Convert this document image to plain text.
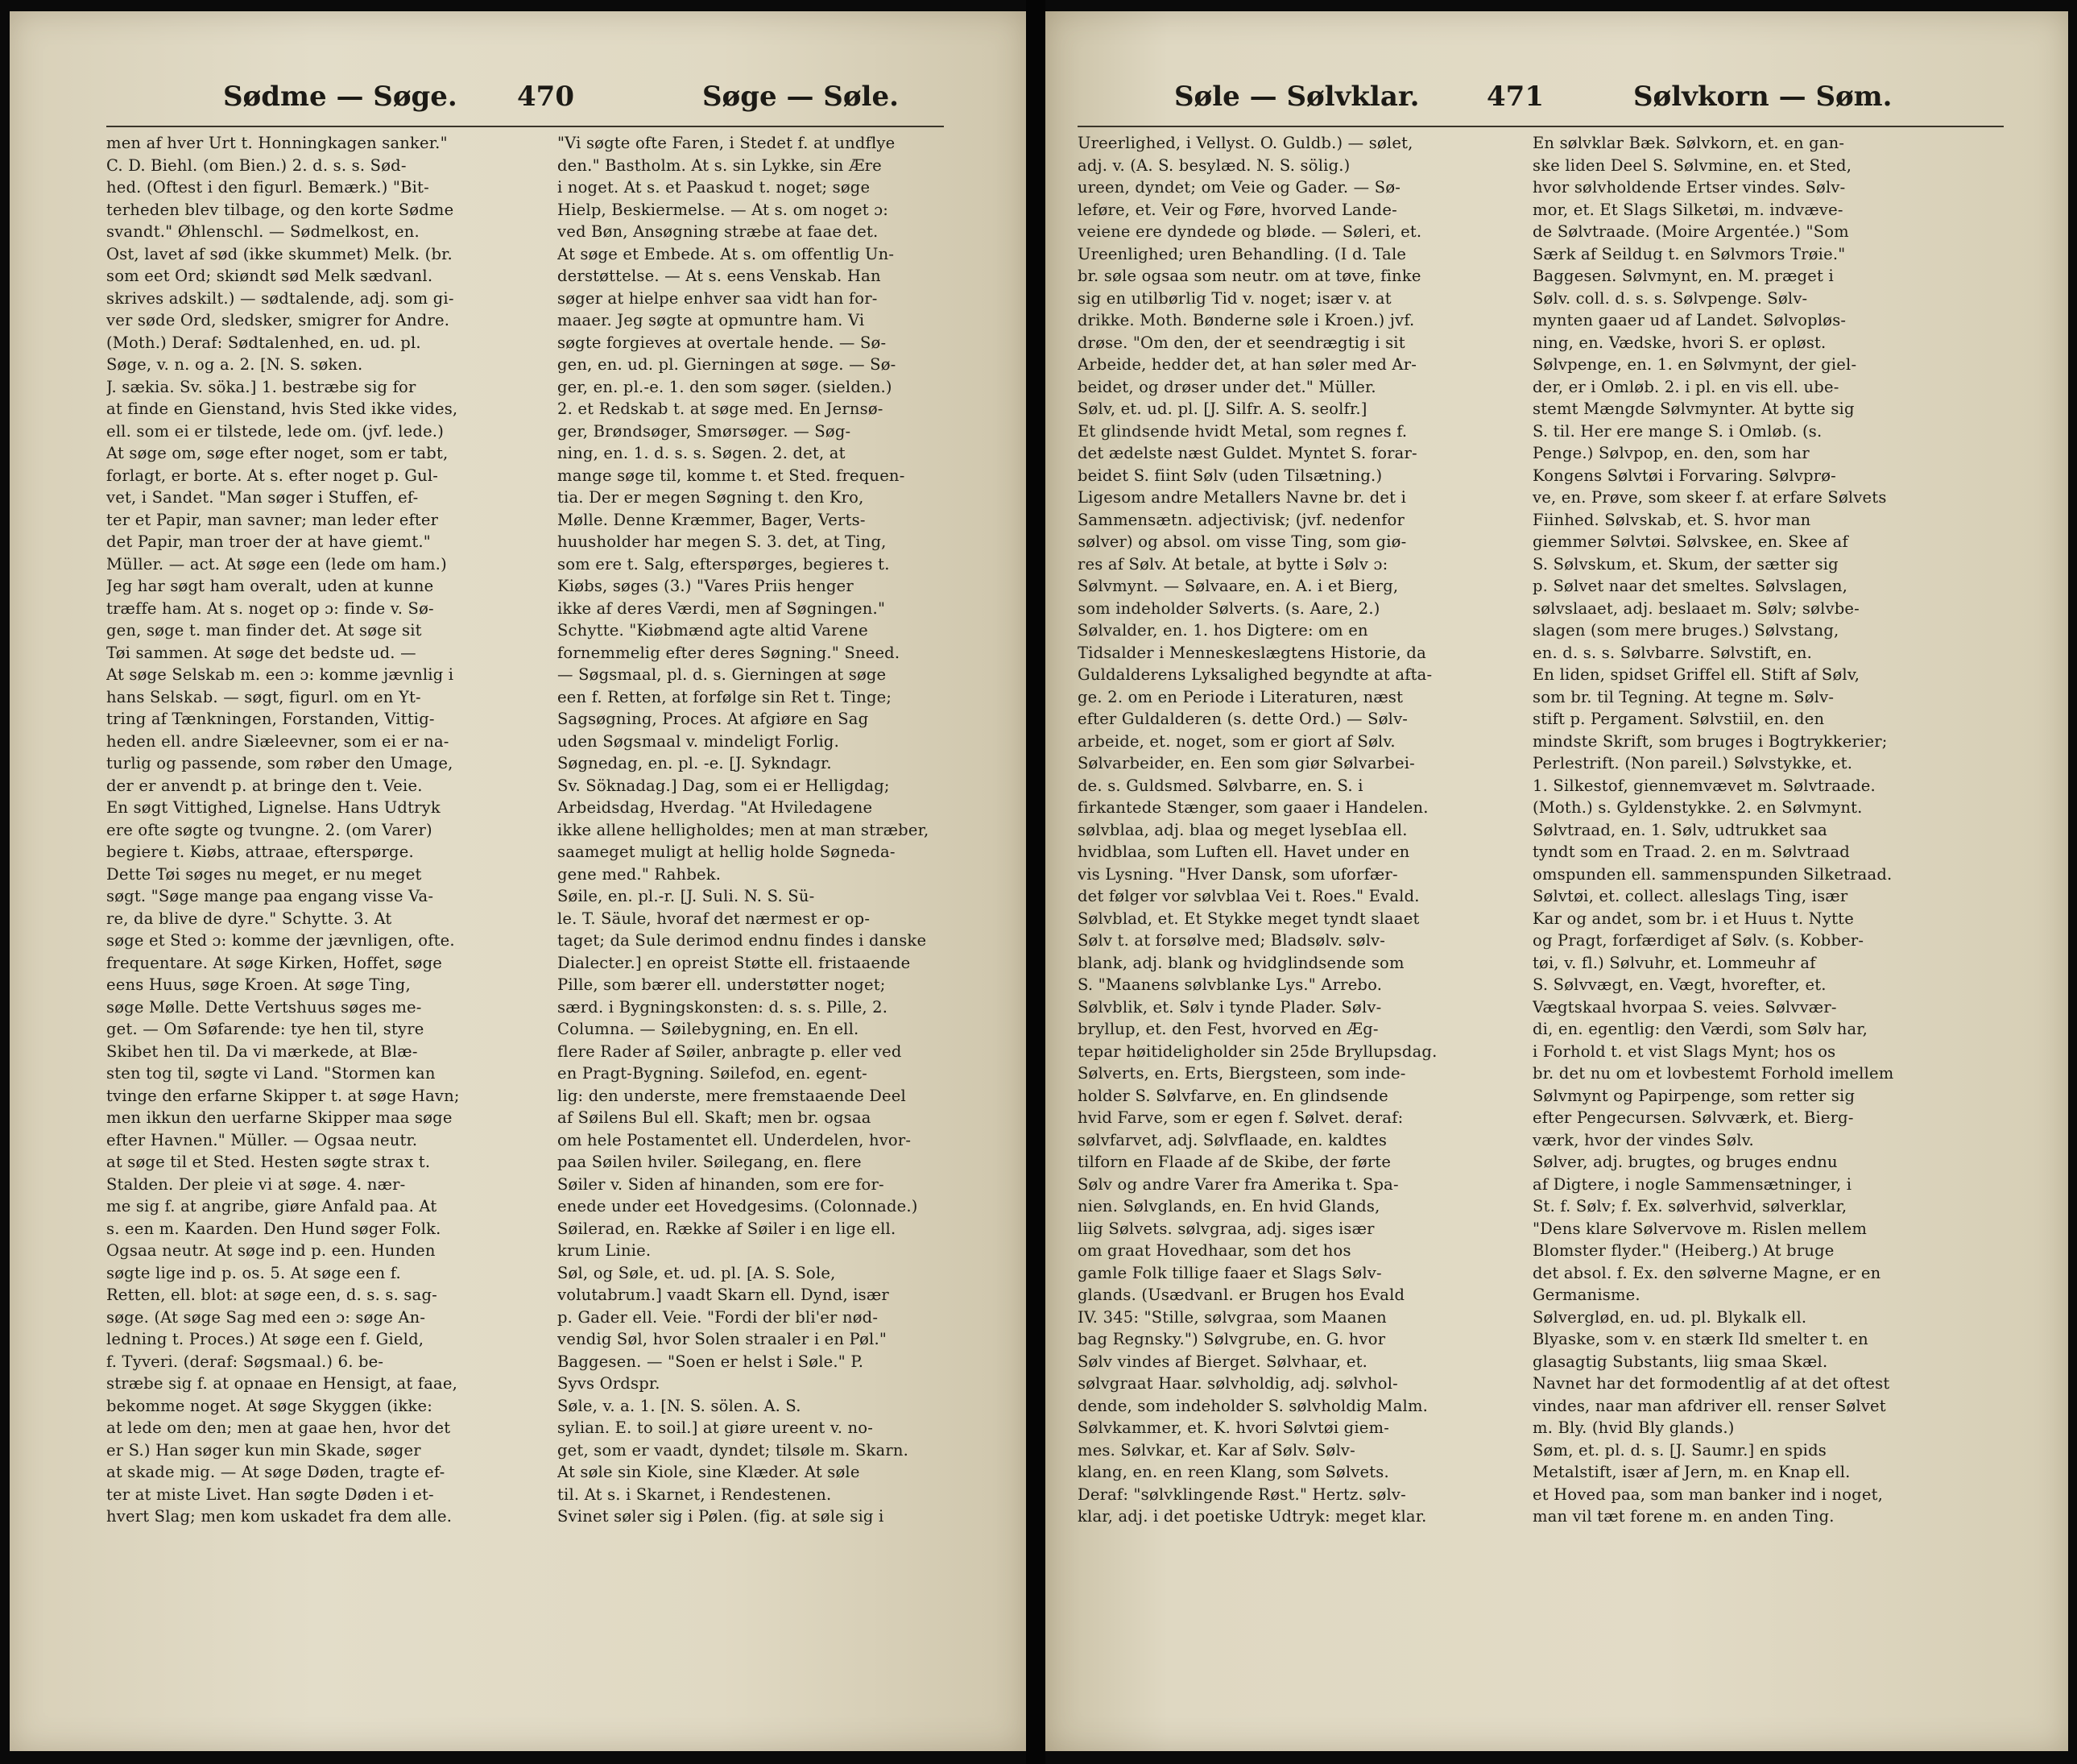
Sødme — Søge. 470	Søge — Søle.
men af hver Urt t. Honningkagen sanker."
C. D. Biehl. (om Bien.) 2. d. s. s. Sød-
hed. (Oftest i den figurl. Bemærk.) "Bit-
terheden blev tilbage, og den korte Sødme
svandt." Øhlenschl. — Sødmelkost, en.
Ost, lavet af sød (ikke skummet) Melk. (br.
som eet Ord; skiøndt sød Melk sædvanl.
skrives adskilt.) — sødtalende, adj. som gi-
ver søde Ord, sledsker, smigrer for Andre.
(Moth.) Deraf: Sødtalenhed, en. ud. pl.
Søge, v. n. og a. 2. [N. S. søken.
J. sækia. Sv. söka.] 1. bestræbe sig for
at finde en Gienstand, hvis Sted ikke vides,
ell. som ei er tilstede, lede om. (jvf. lede.)
At søge om, søge efter noget, som er tabt,
forlagt, er borte. At s. efter noget p. Gul-
vet, i Sandet. "Man søger i Stuffen, ef-
ter et Papir, man savner; man leder efter
det Papir, man troer der at have giemt."
Müller. — act. At søge een (lede om ham.)
Jeg har søgt ham overalt, uden at kunne
træffe ham. At s. noget op ɔ: finde v. Sø-
gen, søge t. man finder det. At søge sit
Tøi sammen. At søge det bedste ud. —
At søge Selskab m. een ɔ: komme jævnlig i
hans Selskab. — søgt, figurl. om en Yt-
tring af Tænkningen, Forstanden, Vittig-
heden ell. andre Siæleevner, som ei er na-
turlig og passende, som røber den Umage,
der er anvendt p. at bringe den t. Veie.
En søgt Vittighed, Lignelse. Hans Udtryk
ere ofte søgte og tvungne. 2. (om Varer)
begiere t. Kiøbs, attraae, efterspørge.
Dette Tøi søges nu meget, er nu meget
søgt. "Søge mange paa engang visse Va-
re, da blive de dyre." Schytte. 3. At
søge et Sted ɔ: komme der jævnligen, ofte.
frequentare. At søge Kirken, Hoffet, søge
eens Huus, søge Kroen. At søge Ting,
søge Mølle. Dette Vertshuus søges me-
get. — Om Søfarende: tye hen til, styre
Skibet hen til. Da vi mærkede, at Blæ-
sten tog til, søgte vi Land. "Stormen kan
tvinge den erfarne Skipper t. at søge Havn;
men ikkun den uerfarne Skipper maa søge
efter Havnen." Müller. — Ogsaa neutr.
at søge til et Sted. Hesten søgte strax t.
Stalden. Der pleie vi at søge. 4. nær-
me sig f. at angribe, giøre Anfald paa. At
s. een m. Kaarden. Den Hund søger Folk.
Ogsaa neutr. At søge ind p. een. Hunden
søgte lige ind p. os. 5. At søge een f.
Retten, ell. blot: at søge een, d. s. s. sag-
søge. (At søge Sag med een ɔ: søge An-
ledning t. Proces.) At søge een f. Gield,
f. Tyveri. (deraf: Søgsmaal.) 6. be-
stræbe sig f. at opnaae en Hensigt, at faae,
bekomme noget. At søge Skyggen (ikke:
at lede om den; men at gaae hen, hvor det
er S.) Han søger kun min Skade, søger
at skade mig. — At søge Døden, tragte ef-
ter at miste Livet. Han søgte Døden i et-
hvert Slag; men kom uskadet fra dem alle.
"Vi søgte ofte Faren, i Stedet f. at undflye
den." Bastholm. At s. sin Lykke, sin Ære
i noget. At s. et Paaskud t. noget; søge
Hielp, Beskiermelse. — At s. om noget ɔ:
ved Bøn, Ansøgning stræbe at faae det.
At søge et Embede. At s. om offentlig Un-
derstøttelse. — At s. eens Venskab. Han
søger at hielpe enhver saa vidt han for-
maaer. Jeg søgte at opmuntre ham. Vi
søgte forgieves at overtale hende. — Sø-
gen, en. ud. pl. Gierningen at søge. — Sø-
ger, en. pl.-e. 1. den som søger. (sielden.)
2. et Redskab t. at søge med. En Jernsø-
ger, Brøndsøger, Smørsøger. — Søg-
ning, en. 1. d. s. s. Søgen. 2. det, at
mange søge til, komme t. et Sted. frequen-
tia. Der er megen Søgning t. den Kro,
Mølle. Denne Kræmmer, Bager, Verts-
huusholder har megen S. 3. det, at Ting,
som ere t. Salg, efterspørges, begieres t.
Kiøbs, søges (3.) "Vares Priis henger
ikke af deres Værdi, men af Søgningen."
Schytte. "Kiøbmænd agte altid Varene
fornemmelig efter deres Søgning." Sneed.
— Søgsmaal, pl. d. s. Gierningen at søge
een f. Retten, at forfølge sin Ret t. Tinge;
Sagsøgning, Proces. At afgiøre en Sag
uden Søgsmaal v. mindeligt Forlig.
Søgnedag, en. pl. -e. [J. Sykndagr.
Sv. Söknadag.] Dag, som ei er Helligdag;
Arbeidsdag, Hverdag. "At Hviledagene
ikke allene helligholdes; men at man stræber,
saameget muligt at hellig holde Søgneda-
gene med." Rahbek.
Søile, en. pl.-r. [J. Suli. N. S. Sü-
le. T. Säule, hvoraf det nærmest er op-
taget; da Sule derimod endnu findes i danske
Dialecter.] en opreist Støtte ell. fristaaende
Pille, som bærer ell. understøtter noget;
særd. i Bygningskonsten: d. s. s. Pille, 2.
Columna. — Søilebygning, en. En ell.
flere Rader af Søiler, anbragte p. eller ved
en Pragt-Bygning. Søilefod, en. egent-
lig: den underste, mere fremstaaende Deel
af Søilens Bul ell. Skaft; men br. ogsaa
om hele Postamentet ell. Underdelen, hvor-
paa Søilen hviler. Søilegang, en. flere
Søiler v. Siden af hinanden, som ere for-
enede under eet Hovedgesims. (Colonnade.)
Søilerad, en. Række af Søiler i en lige ell.
krum Linie.
Søl, og Søle, et. ud. pl. [A. S. Sole,
volutabrum.] vaadt Skarn ell. Dynd, især
p. Gader ell. Veie. "Fordi der bli'er nød-
vendig Søl, hvor Solen straaler i en Pøl."
Baggesen. — "Soen er helst i Søle." P.
Syvs Ordspr.
Søle, v. a. 1. [N. S. sölen. A. S.
sylian. E. to soil.] at giøre ureent v. no-
get, som er vaadt, dyndet; tilsøle m. Skarn.
At søle sin Kiole, sine Klæder. At søle
til. At s. i Skarnet, i Rendestenen.
Svinet søler sig i Pølen. (fig. at søle sig i
Søle — Sølvklar. 471	Sølvkorn — Søm.
Ureerlighed, i Vellyst. O. Guldb.) — sølet,
adj. v. (A. S. besylæd. N. S. sölig.)
ureen, dyndet; om Veie og Gader. — Sø-
leføre, et. Veir og Føre, hvorved Lande-
veiene ere dyndede og bløde. — Søleri, et.
Ureenlighed; uren Behandling. (I d. Tale
br. søle ogsaa som neutr. om at tøve, finke
sig en utilbørlig Tid v. noget; især v. at
drikke. Moth. Bønderne søle i Kroen.) jvf.
drøse. "Om den, der et seendrægtig i sit
Arbeide, hedder det, at han søler med Ar-
beidet, og drøser under det." Müller.
Sølv, et. ud. pl. [J. Silfr. A. S. seolfr.]
Et glindsende hvidt Metal, som regnes f.
det ædelste næst Guldet. Myntet S. forar-
beidet S. fiint Sølv (uden Tilsætning.)
Ligesom andre Metallers Navne br. det i
Sammensætn. adjectivisk; (jvf. nedenfor
sølver) og absol. om visse Ting, som giø-
res af Sølv. At betale, at bytte i Sølv ɔ:
Sølvmynt. — Sølvaare, en. A. i et Bierg,
som indeholder Sølverts. (s. Aare, 2.)
Sølvalder, en. 1. hos Digtere: om en
Tidsalder i Menneskeslægtens Historie, da
Guldalderens Lyksalighed begyndte at afta-
ge. 2. om en Periode i Literaturen, næst
efter Guldalderen (s. dette Ord.) — Sølv-
arbeide, et. noget, som er giort af Sølv.
Sølvarbeider, en. Een som giør Sølvarbei-
de. s. Guldsmed. Sølvbarre, en. S. i
firkantede Stænger, som gaaer i Handelen.
sølvblaa, adj. blaa og meget lysebIaa ell.
hvidblaa, som Luften ell. Havet under en
vis Lysning. "Hver Dansk, som uforfær-
det følger vor sølvblaa Vei t. Roes." Evald.
Sølvblad, et. Et Stykke meget tyndt slaaet
Sølv t. at forsølve med; Bladsølv. sølv-
blank, adj. blank og hvidglindsende som
S. "Maanens sølvblanke Lys." Arrebo.
Sølvblik, et. Sølv i tynde Plader. Sølv-
bryllup, et. den Fest, hvorved en Æg-
tepar høitideligholder sin 25de Bryllupsdag.
Sølverts, en. Erts, Biergsteen, som inde-
holder S. Sølvfarve, en. En glindsende
hvid Farve, som er egen f. Sølvet. deraf:
sølvfarvet, adj. Sølvflaade, en. kaldtes
tilforn en Flaade af de Skibe, der førte
Sølv og andre Varer fra Amerika t. Spa-
nien. Sølvglands, en. En hvid Glands,
liig Sølvets. sølvgraa, adj. siges især
om graat Hovedhaar, som det hos
gamle Folk tillige faaer et Slags Sølv-
glands. (Usædvanl. er Brugen hos Evald
IV. 345: "Stille, sølvgraa, som Maanen
bag Regnsky.") Sølvgrube, en. G. hvor
Sølv vindes af Bierget. Sølvhaar, et.
sølvgraat Haar. sølvholdig, adj. sølvhol-
dende, som indeholder S. sølvholdig Malm.
Sølvkammer, et. K. hvori Sølvtøi giem-
mes. Sølvkar, et. Kar af Sølv. Sølv-
klang, en. en reen Klang, som Sølvets.
Deraf: "sølvklingende Røst." Hertz. sølv-
klar, adj. i det poetiske Udtryk: meget klar.
En sølvklar Bæk. Sølvkorn, et. en gan-
ske liden Deel S. Sølvmine, en. et Sted,
hvor sølvholdende Ertser vindes. Sølv-
mor, et. Et Slags Silketøi, m. indvæve-
de Sølvtraade. (Moire Argentée.) "Som
Særk af Seildug t. en Sølvmors Trøie."
Baggesen. Sølvmynt, en. M. præget i
Sølv. coll. d. s. s. Sølvpenge. Sølv-
mynten gaaer ud af Landet. Sølvopløs-
ning, en. Vædske, hvori S. er opløst.
Sølvpenge, en. 1. en Sølvmynt, der giel-
der, er i Omløb. 2. i pl. en vis ell. ube-
stemt Mængde Sølvmynter. At bytte sig
S. til. Her ere mange S. i Omløb. (s.
Penge.) Sølvpop, en. den, som har
Kongens Sølvtøi i Forvaring. Sølvprø-
ve, en. Prøve, som skeer f. at erfare Sølvets
Fiinhed. Sølvskab, et. S. hvor man
giemmer Sølvtøi. Sølvskee, en. Skee af
S. Sølvskum, et. Skum, der sætter sig
p. Sølvet naar det smeltes. Sølvslagen,
sølvslaaet, adj. beslaaet m. Sølv; sølvbe-
slagen (som mere bruges.) Sølvstang,
en. d. s. s. Sølvbarre. Sølvstift, en.
En liden, spidset Griffel ell. Stift af Sølv,
som br. til Tegning. At tegne m. Sølv-
stift p. Pergament. Sølvstiil, en. den
mindste Skrift, som bruges i Bogtrykkerier;
Perlestrift. (Non pareil.) Sølvstykke, et.
1. Silkestof, giennemvævet m. Sølvtraade.
(Moth.) s. Gyldenstykke. 2. en Sølvmynt.
Sølvtraad, en. 1. Sølv, udtrukket saa
tyndt som en Traad. 2. en m. Sølvtraad
omspunden ell. sammenspunden Silketraad.
Sølvtøi, et. collect. alleslags Ting, især
Kar og andet, som br. i et Huus t. Nytte
og Pragt, forfærdiget af Sølv. (s. Kobber-
tøi, v. fl.) Sølvuhr, et. Lommeuhr af
S. Sølvvægt, en. Vægt, hvorefter, et.
Vægtskaal hvorpaa S. veies. Sølvvær-
di, en. egentlig: den Værdi, som Sølv har,
i Forhold t. et vist Slags Mynt; hos os
br. det nu om et lovbestemt Forhold imellem
Sølvmynt og Papirpenge, som retter sig
efter Pengecursen. Sølvværk, et. Bierg-
værk, hvor der vindes Sølv.
Sølver, adj. brugtes, og bruges endnu
af Digtere, i nogle Sammensætninger, i
St. f. Sølv; f. Ex. sølverhvid, sølverklar,
"Dens klare Sølvervove m. Rislen mellem
Blomster flyder." (Heiberg.) At bruge
det absol. f. Ex. den sølverne Magne, er en
Germanisme.
Sølverglød, en. ud. pl. Blykalk ell.
Blyaske, som v. en stærk Ild smelter t. en
glasagtig Substants, liig smaa Skæl.
Navnet har det formodentlig af at det oftest
vindes, naar man afdriver ell. renser Sølvet
m. Bly. (hvid Bly glands.)
Søm, et. pl. d. s. [J. Saumr.] en spids
Metalstift, især af Jern, m. en Knap ell.
et Hoved paa, som man banker ind i noget,
man vil tæt forene m. en anden Ting.
